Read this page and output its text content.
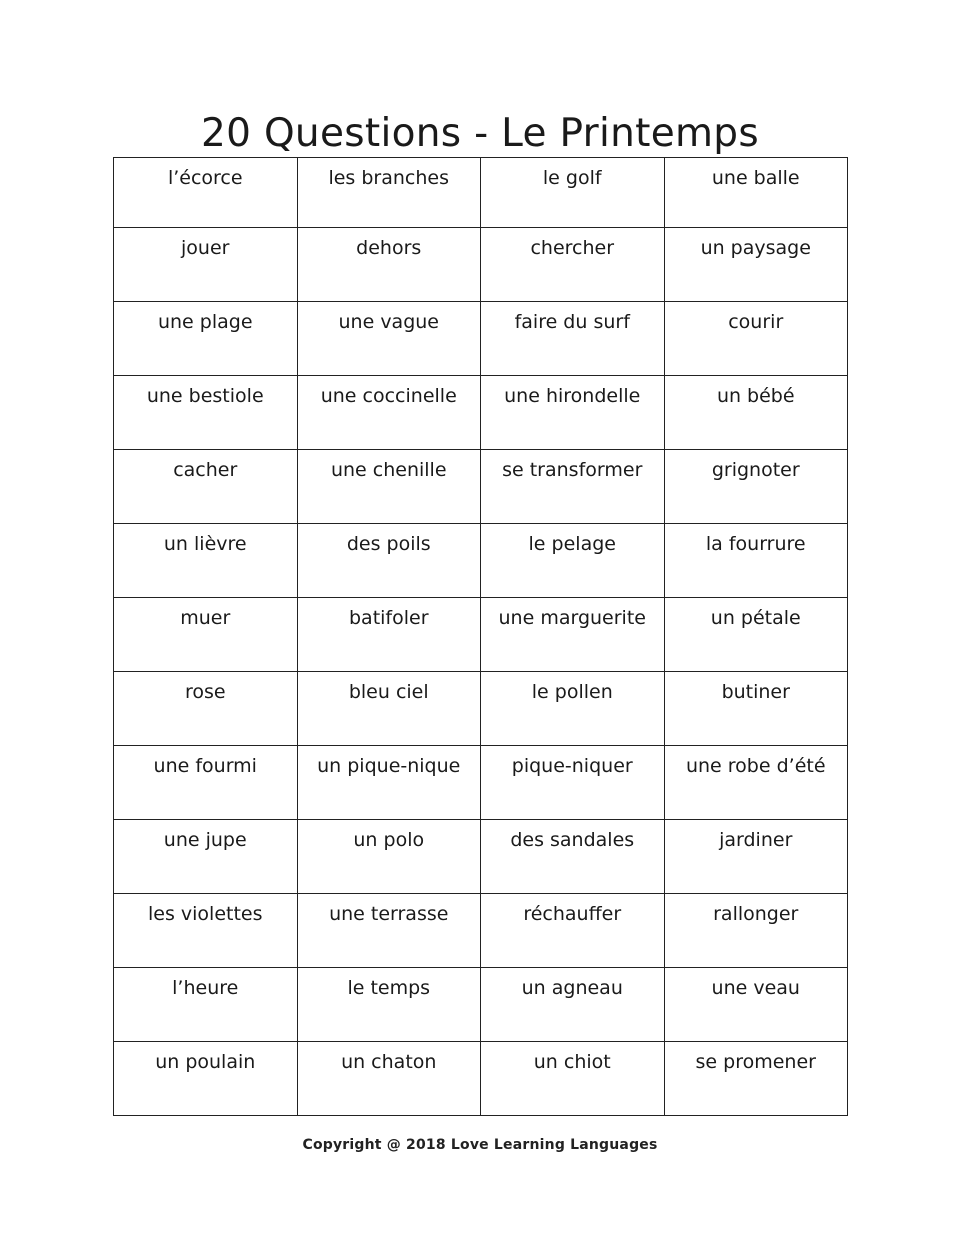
20 Questions - Le Printemps
l’écorce	les branches	le golf	une balle
jouer	dehors	chercher	un paysage
une plage	une vague	faire du surf	courir
une bestiole	une coccinelle	une hirondelle	un bébé
cacher	une chenille	se transformer	grignoter
un lièvre	des poils	le pelage	la fourrure
muer	batifoler	une marguerite	un pétale
rose	bleu ciel	le pollen	butiner
une fourmi	un pique-nique	pique-niquer	une robe d’été
une jupe	un polo	des sandales	jardiner
les violettes	une terrasse	réchauffer	rallonger
l’heure	le temps	un agneau	une veau
un poulain	un chaton	un chiot	se promener
Copyright @ 2018 Love Learning Languages
